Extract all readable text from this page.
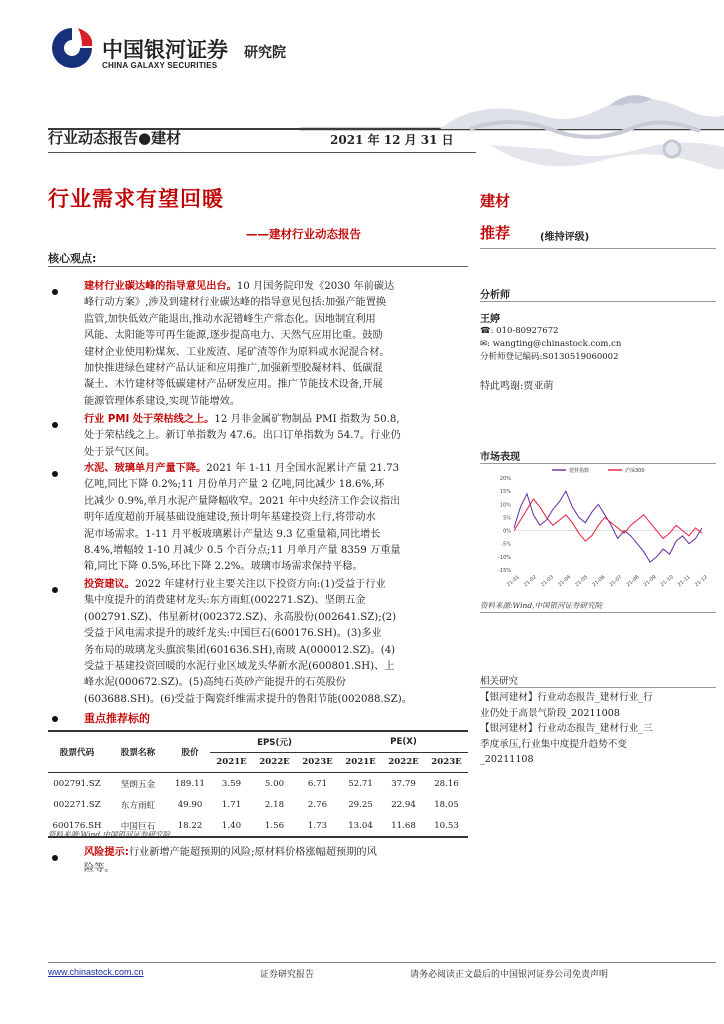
中国银河证券
CHINA GALAXY SECURITIES
研究院
行业动态报告●建材	2021 年 12 月 31 日
行业需求有望回暖
——建材行业动态报告
建材
推荐	(维持评级)
核心观点:
建材行业碳达峰的指导意见出台。10 月国务院印发《2030 年前碳达
峰行动方案》,涉及到建材行业碳达峰的指导意见包括:加强产能置换
监管,加快低效产能退出,推动水泥错峰生产常态化。因地制宜利用
风能、太阳能等可再生能源,逐步提高电力、天然气应用比重。鼓励
建材企业使用粉煤灰、工业废渣、尾矿渣等作为原料或水泥混合材。
加快推进绿色建材产品认证和应用推广,加强新型胶凝材料、低碳混
凝土、木竹建材等低碳建材产品研发应用。推广节能技术设备,开展
能源管理体系建设,实现节能增效。
行业 PMI 处于荣枯线之上。12 月非金属矿物制品 PMI 指数为 50.8,
处于荣枯线之上。新订单指数为 47.6。出口订单指数为 54.7。行业仍
处于景气区间。
水泥、玻璃单月产量下降。2021 年 1-11 月全国水泥累计产量 21.73
亿吨,同比下降 0.2%;11 月份单月产量 2 亿吨,同比减少 18.6%,环
比减少 0.9%,单月水泥产量降幅收窄。2021 年中央经济工作会议指出
明年适度超前开展基础设施建设,预计明年基建投资上行,将带动水
泥市场需求。1-11 月平板玻璃累计产量达 9.3 亿重量箱,同比增长
8.4%,增幅较 1-10 月减少 0.5 个百分点;11 月单月产量 8359 万重量
箱,同比下降 0.5%,环比下降 2.2%。玻璃市场需求保持平稳。
投资建议。2022 年建材行业主要关注以下投资方向:(1)受益于行业
集中度提升的消费建材龙头:东方雨虹(002271.SZ)、坚朗五金
(002791.SZ)、伟星新材(002372.SZ)、永高股份(002641.SZ);(2)
受益于风电需求提升的玻纤龙头:中国巨石(600176.SH)。(3)多业
务布局的玻璃龙头旗滨集团(601636.SH),南玻 A(000012.SZ)。(4)
受益于基建投资回暖的水泥行业区域龙头华新水泥(600801.SH)、上
峰水泥(000672.SZ)。(5)高纯石英砂产能提升的石英股份
(603688.SH)。(6)受益于陶瓷纤维需求提升的鲁阳节能(002088.SZ)。
重点推荐标的
股票代码	股票名称	股价	EPS(元)			PE(X)		
			2021E	2022E	2023E	2021E	2022E	2023E

002791.SZ	坚朗五金	189.11	3.59	5.00	6.71	52.71	37.79	28.16
002271.SZ	东方雨虹	49.90	1.71	2.18	2.76	29.25	22.94	18.05
600176.SH	中国巨石	18.22	1.40	1.56	1.73	13.04	11.68	10.53
资料来源:Wind,中国银河证券研究院
风险提示:行业新增产能超预期的风险;原材料价格涨幅超预期的风
险等。
分析师
王婷
☎: 010-80927672
✉: wangting@chinastock.com.cn
分析师登记编码:S0130519060002
特此鸣谢:贾亚萌
市场表现
20%
15%
10%
5%
0%
-5%
-10%
-15%
21-01 21-02 21-03 21-04 21-05 21-06 21-07 21-08 21-09 21-10 21-11 21-12
建材指数	沪深300
资料来源:Wind,中国银河证券研究院
相关研究
【银河建材】行业动态报告_建材行业_行
业仍处于高景气阶段_20211008
【银河建材】行业动态报告_建材行业_三
季度承压,行业集中度提升趋势不变
_20211108
www.chinastock.com.cn	证券研究报告	请务必阅读正文最后的中国银河证券公司免责声明
